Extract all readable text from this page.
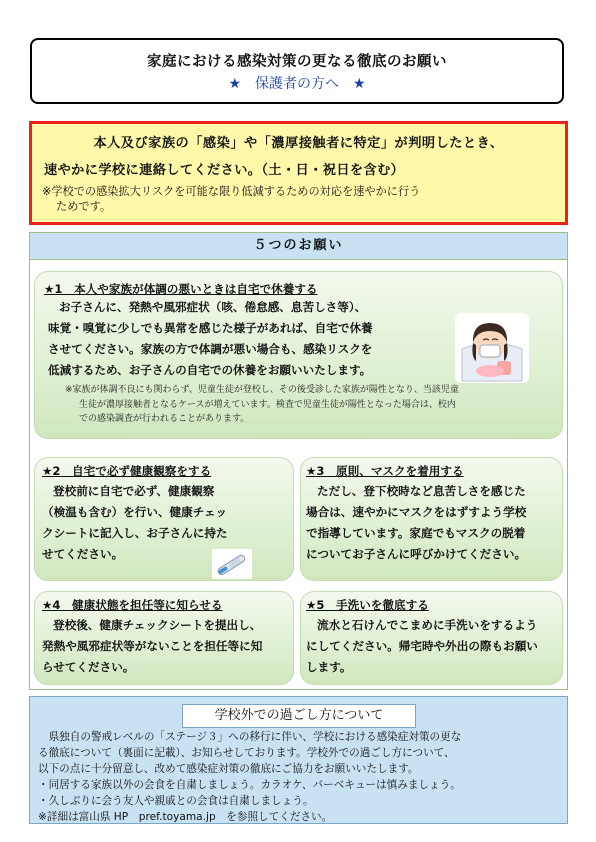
家庭における感染対策の更なる徹底のお願い
★　保護者の方へ　★
本人及び家族の「感染」や「濃厚接触者に特定」が判明したとき、
速やかに学校に連絡してください。（土・日・祝日を含む）
※学校での感染拡大リスクを可能な限り低減するための対応を速やかに行う
ためです。
５つのお願い
★1　本人や家族が体調の悪いときは自宅で休養する
お子さんに、発熱や風邪症状（咳、倦怠感、息苦しさ等）、
味覚・嗅覚に少しでも異常を感じた様子があれば、自宅で休養
させてください。家族の方で体調が悪い場合も、感染リスクを
低減するため、お子さんの自宅での休養をお願いいたします。
※家族が体調不良にも関わらず、児童生徒が登校し、その後受診した家族が陽性となり、当該児童
生徒が濃厚接触者となるケースが増えています。検査で児童生徒が陽性となった場合は、校内
での感染調査が行われることがあります。
★2　自宅で必ず健康観察をする
登校前に自宅で必ず、健康観察
（検温も含む）を行い、健康チェッ
クシートに記入し、お子さんに持た
せてください。
★3　原則、マスクを着用する
ただし、登下校時など息苦しさを感じた
場合は、速やかにマスクをはずすよう学校
で指導しています。家庭でもマスクの脱着
についてお子さんに呼びかけてください。
★4　健康状態を担任等に知らせる
登校後、健康チェックシートを提出し、
発熱や風邪症状等がないことを担任等に知
らせてください。
★5　手洗いを徹底する
流水と石けんでこまめに手洗いをするよう
にしてください。帰宅時や外出の際もお願い
します。
学校外での過ごし方について
　県独自の警戒レベルの「ステージ３」への移行に伴い、学校における感染症対策の更な
る徹底について（裏面に記載）、お知らせしております。学校外での過ごし方について、
以下の点に十分留意し、改めて感染症対策の徹底にご協力をお願いいたします。
・同居する家族以外の会食を自粛しましょう。カラオケ、バーベキューは慎みましょう。
・久しぶりに会う友人や親戚との会食は自粛しましょう。
※詳細は富山県 HP　pref.toyama.jp　を参照してください。
